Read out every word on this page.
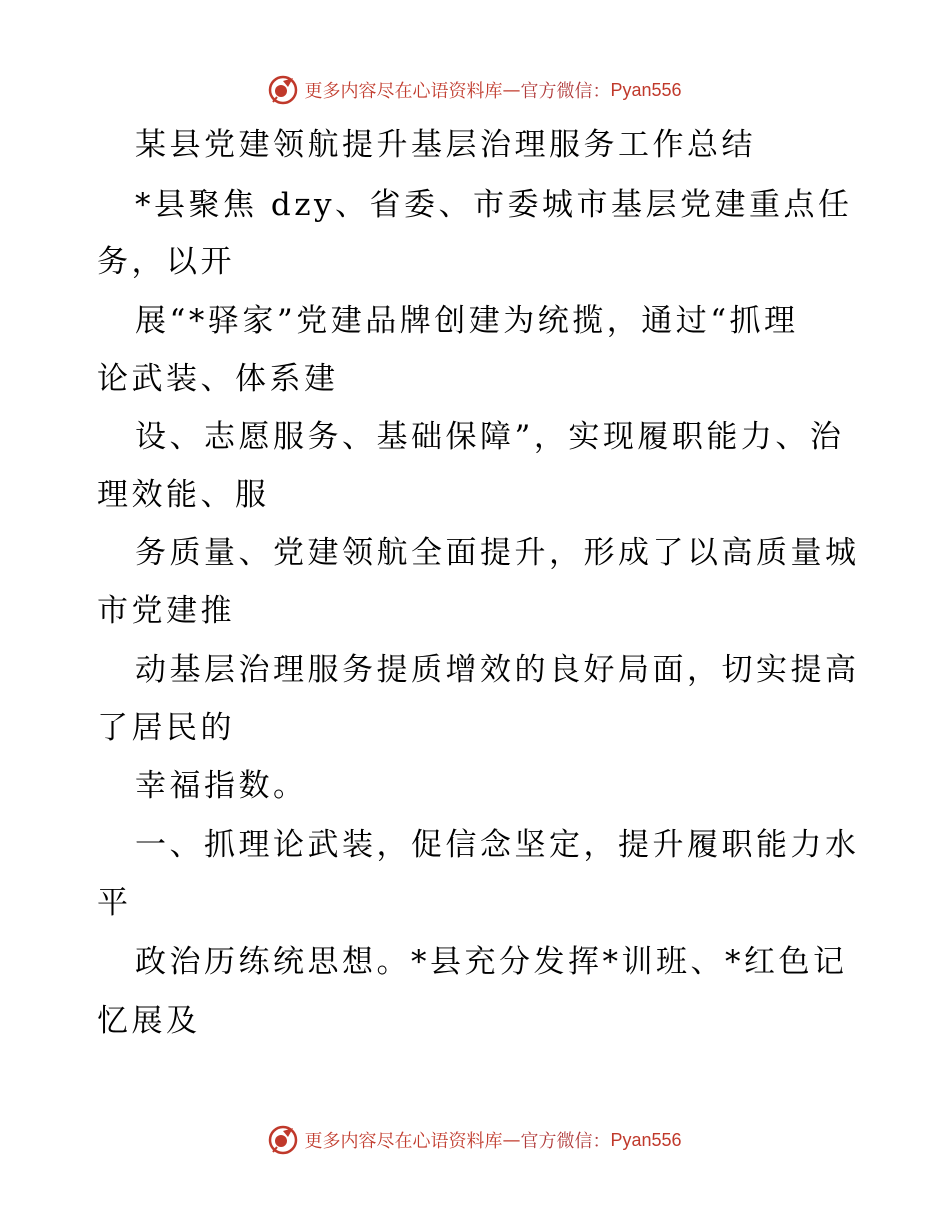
更多内容尽在心语资料库 — 官方微信： Pyan556
某县党建领航提升基层治理服务工作总结
*县聚焦 dzy、省委、市委城市基层党建重点任
务，以开
展“*驿家”党建品牌创建为统揽，通过“抓理
论武装、体系建
设、志愿服务、基础保障”，实现履职能力、治
理效能、服
务质量、党建领航全面提升，形成了以高质量城
市党建推
动基层治理服务提质增效的良好局面，切实提高
了居民的
幸福指数。
一、抓理论武装，促信念坚定，提升履职能力水
平
政治历练统思想。*县充分发挥*训班、*红色记
忆展及
更多内容尽在心语资料库 — 官方微信： Pyan556
